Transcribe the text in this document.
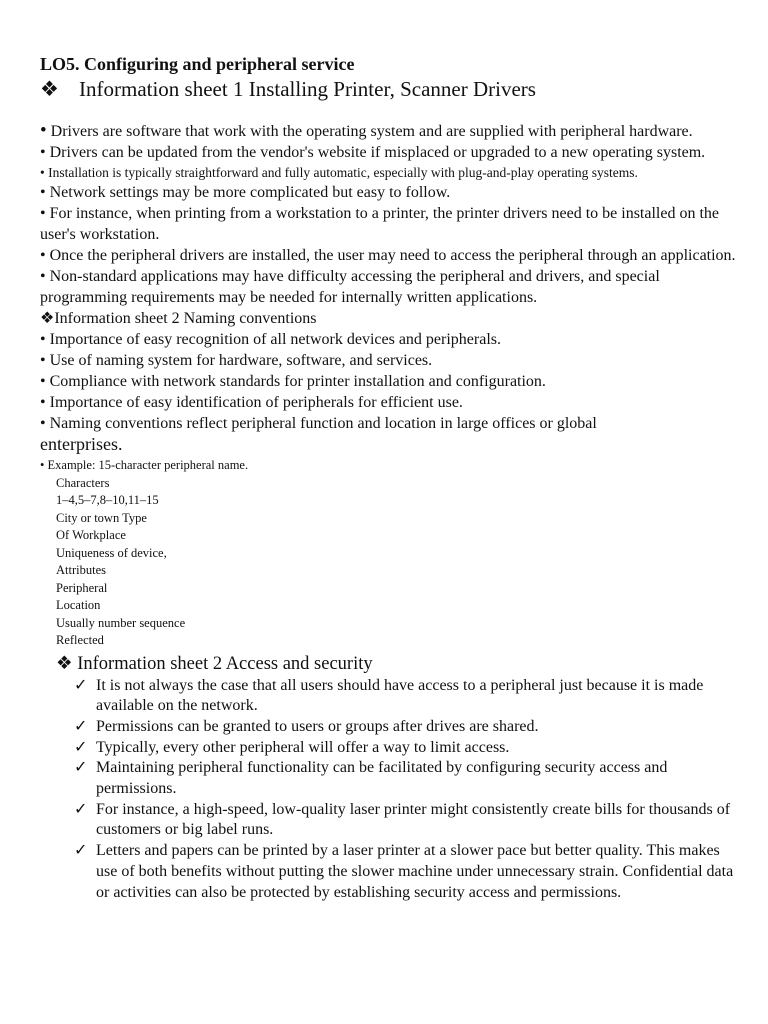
LO5. Configuring and peripheral service

❖ Information sheet 1 Installing Printer, Scanner Drivers

• Drivers are software that work with the operating system and are supplied with peripheral hardware.

• Drivers can be updated from the vendor's website if misplaced or upgraded to a new operating system.

• Installation is typically straightforward and fully automatic, especially with plug-and-play operating systems.

• Network settings may be more complicated but easy to follow.

• For instance, when printing from a workstation to a printer, the printer drivers need to be installed on the user's workstation.

• Once the peripheral drivers are installed, the user may need to access the peripheral through an application.

• Non-standard applications may have difficulty accessing the peripheral and drivers, and special programming requirements may be needed for internally written applications.

❖Information sheet 2 Naming conventions

• Importance of easy recognition of all network devices and peripherals.

• Use of naming system for hardware, software, and services.

• Compliance with network standards for printer installation and configuration.

• Importance of easy identification of peripherals for efficient use.

• Naming conventions reflect peripheral function and location in large offices or global
enterprises.

• Example: 15-character peripheral name.

Characters
1–4,5–7,8–10,11–15
City or town Type
Of Workplace
Uniqueness of device,
Attributes
Peripheral
Location
Usually number sequence
Reflected

❖ Information sheet 2 Access and security

✓ It is not always the case that all users should have access to a peripheral just because it is made available on the network.
✓ Permissions can be granted to users or groups after drives are shared.
✓ Typically, every other peripheral will offer a way to limit access.
✓ Maintaining peripheral functionality can be facilitated by configuring security access and permissions.
✓ For instance, a high-speed, low-quality laser printer might consistently create bills for thousands of customers or big label runs.
✓ Letters and papers can be printed by a laser printer at a slower pace but better quality. This makes use of both benefits without putting the slower machine under unnecessary strain. Confidential data or activities can also be protected by establishing security access and permissions.
